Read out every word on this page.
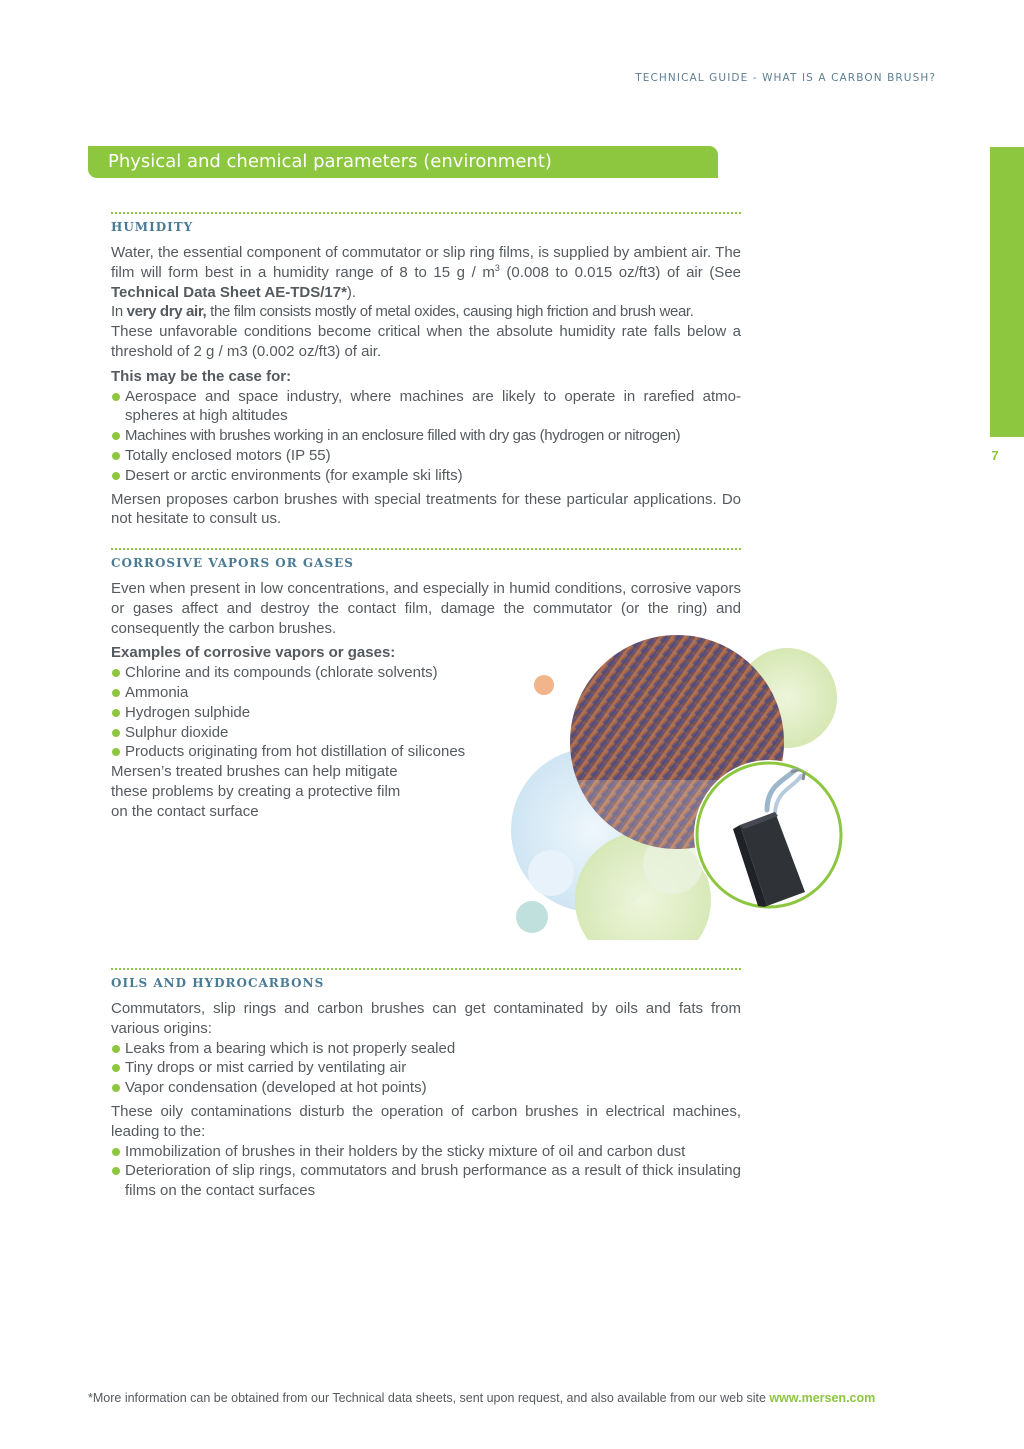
TECHNICAL GUIDE - WHAT IS A CARBON BRUSH?
7
Physical and chemical parameters (environment)
HUMIDITY

Water, the essential component of commutator or slip ring films, is supplied by ambient air. The film will form best in a humidity range of 8 to 15 g / $m^3$ (0.008 to 0.015 oz/ft3) of air (See Technical Data Sheet AE-TDS/17*).

In very dry air, the film consists mostly of metal oxides, causing high friction and brush wear.

These unfavorable conditions become critical when the absolute humidity rate falls below a threshold of 2 g / m3 (0.002 oz/ft3) of air.

This may be the case for:

Aerospace and space industry, where machines are likely to operate in rarefied atmo-spheres at high altitudes
Machines with brushes working in an enclosure filled with dry gas (hydrogen or nitrogen)
Totally enclosed motors (IP 55)
Desert or arctic environments (for example ski lifts)

Mersen proposes carbon brushes with special treatments for these particular applications. Do not hesitate to consult us.

CORROSIVE VAPORS OR GASES

Even when present in low concentrations, and especially in humid conditions, corrosive vapors or gases affect and destroy the contact film, damage the commutator (or the ring) and consequently the carbon brushes.

Examples of corrosive vapors or gases:

Chlorine and its compounds (chlorate solvents)
Ammonia
Hydrogen sulphide
Sulphur dioxide
Products originating from hot distillation of silicones

Mersen’s treated brushes can help mitigate
these problems by creating a protective film
on the contact surface

OILS AND HYDROCARBONS

Commutators, slip rings and carbon brushes can get contaminated by oils and fats from various origins:

Leaks from a bearing which is not properly sealed
Tiny drops or mist carried by ventilating air
Vapor condensation (developed at hot points)

These oily contaminations disturb the operation of carbon brushes in electrical machines, leading to the:

Immobilization of brushes in their holders by the sticky mixture of oil and carbon dust
Deterioration of slip rings, commutators and brush performance as a result of thick insulating films on the contact surfaces
*More information can be obtained from our Technical data sheets, sent upon request, and also available from our web site www.mersen.com
